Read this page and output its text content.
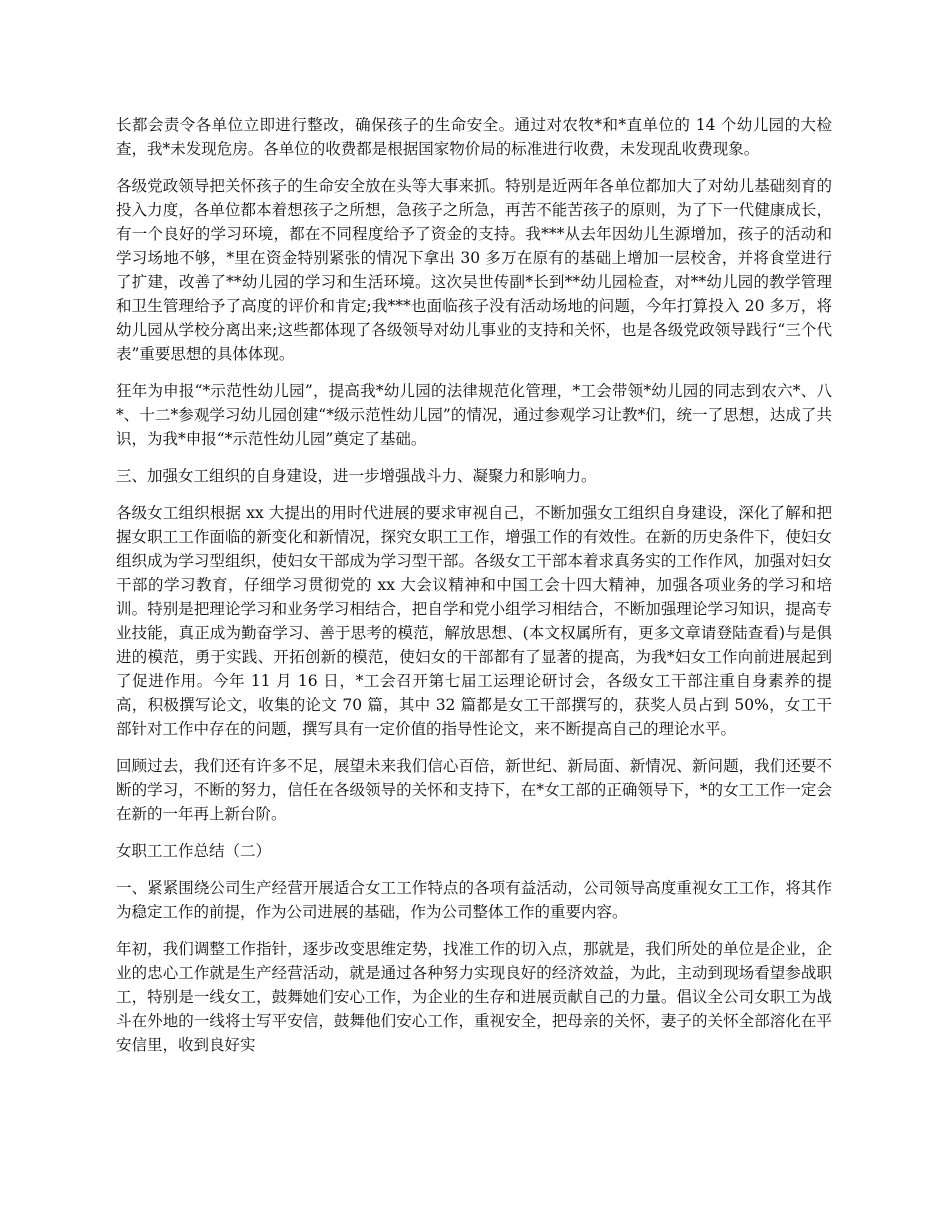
长都会责令各单位立即进行整改，确保孩子的生命安全。通过对农牧*和*直单位的 14 个幼儿园的大检查，我*未发现危房。各单位的收费都是根据国家物价局的标准进行收费，未发现乱收费现象。

各级党政领导把关怀孩子的生命安全放在头等大事来抓。特别是近两年各单位都加大了对幼儿基础刻育的投入力度，各单位都本着想孩子之所想，急孩子之所急，再苦不能苦孩子的原则，为了下一代健康成长，有一个良好的学习环境，都在不同程度给予了资金的支持。我***从去年因幼儿生源增加，孩子的活动和学习场地不够，*里在资金特别紧张的情况下拿出 30 多万在原有的基础上增加一层校舍，并将食堂进行了扩建，改善了**幼儿园的学习和生活环境。这次吴世传副*长到**幼儿园检查，对**幼儿园的教学管理和卫生管理给予了高度的评价和肯定;我***也面临孩子没有活动场地的问题，今年打算投入 20 多万，将幼儿园从学校分离出来;这些都体现了各级领导对幼儿事业的支持和关怀，也是各级党政领导践行“三个代表”重要思想的具体体现。

狂年为申报“*示范性幼儿园”，提高我*幼儿园的法律规范化管理，*工会带领*幼儿园的同志到农六*、八*、十二*参观学习幼儿园创建“*级示范性幼儿园”的情况，通过参观学习让教*们，统一了思想，达成了共识，为我*申报“*示范性幼儿园”奠定了基础。

三、加强女工组织的自身建设，进一步增强战斗力、凝聚力和影响力。

各级女工组织根据 xx 大提出的用时代进展的要求审视自己，不断加强女工组织自身建设，深化了解和把握女职工工作面临的新变化和新情况，探究女职工工作，增强工作的有效性。在新的历史条件下，使妇女组织成为学习型组织，使妇女干部成为学习型干部。各级女工干部本着求真务实的工作作风，加强对妇女干部的学习教育，仔细学习贯彻党的 xx 大会议精神和中国工会十四大精神，加强各项业务的学习和培训。特别是把理论学习和业务学习相结合，把自学和党小组学习相结合，不断加强理论学习知识，提高专业技能，真正成为勤奋学习、善于思考的模范，解放思想、(本文权属所有，更多文章请登陆查看)与是俱进的模范，勇于实践、开拓创新的模范，使妇女的干部都有了显著的提高，为我*妇女工作向前进展起到了促进作用。今年 11 月 16 日，*工会召开第七届工运理论研讨会，各级女工干部注重自身素养的提高，积极撰写论文，收集的论文 70 篇，其中 32 篇都是女工干部撰写的，获奖人员占到 50%，女工干部针对工作中存在的问题，撰写具有一定价值的指导性论文，来不断提高自己的理论水平。

回顾过去，我们还有许多不足，展望未来我们信心百倍，新世纪、新局面、新情况、新问题，我们还要不断的学习，不断的努力，信任在各级领导的关怀和支持下，在*女工部的正确领导下，*的女工工作一定会在新的一年再上新台阶。

女职工工作总结（二）

一、紧紧围绕公司生产经营开展适合女工工作特点的各项有益活动，公司领导高度重视女工工作，将其作为稳定工作的前提，作为公司进展的基础，作为公司整体工作的重要内容。

年初，我们调整工作指针，逐步改变思维定势，找准工作的切入点，那就是，我们所处的单位是企业，企业的忠心工作就是生产经营活动，就是通过各种努力实现良好的经济效益，为此，主动到现场看望参战职工，特别是一线女工，鼓舞她们安心工作，为企业的生存和进展贡献自己的力量。倡议全公司女职工为战斗在外地的一线将士写平安信，鼓舞他们安心工作，重视安全，把母亲的关怀，妻子的关怀全部溶化在平安信里，收到良好实
